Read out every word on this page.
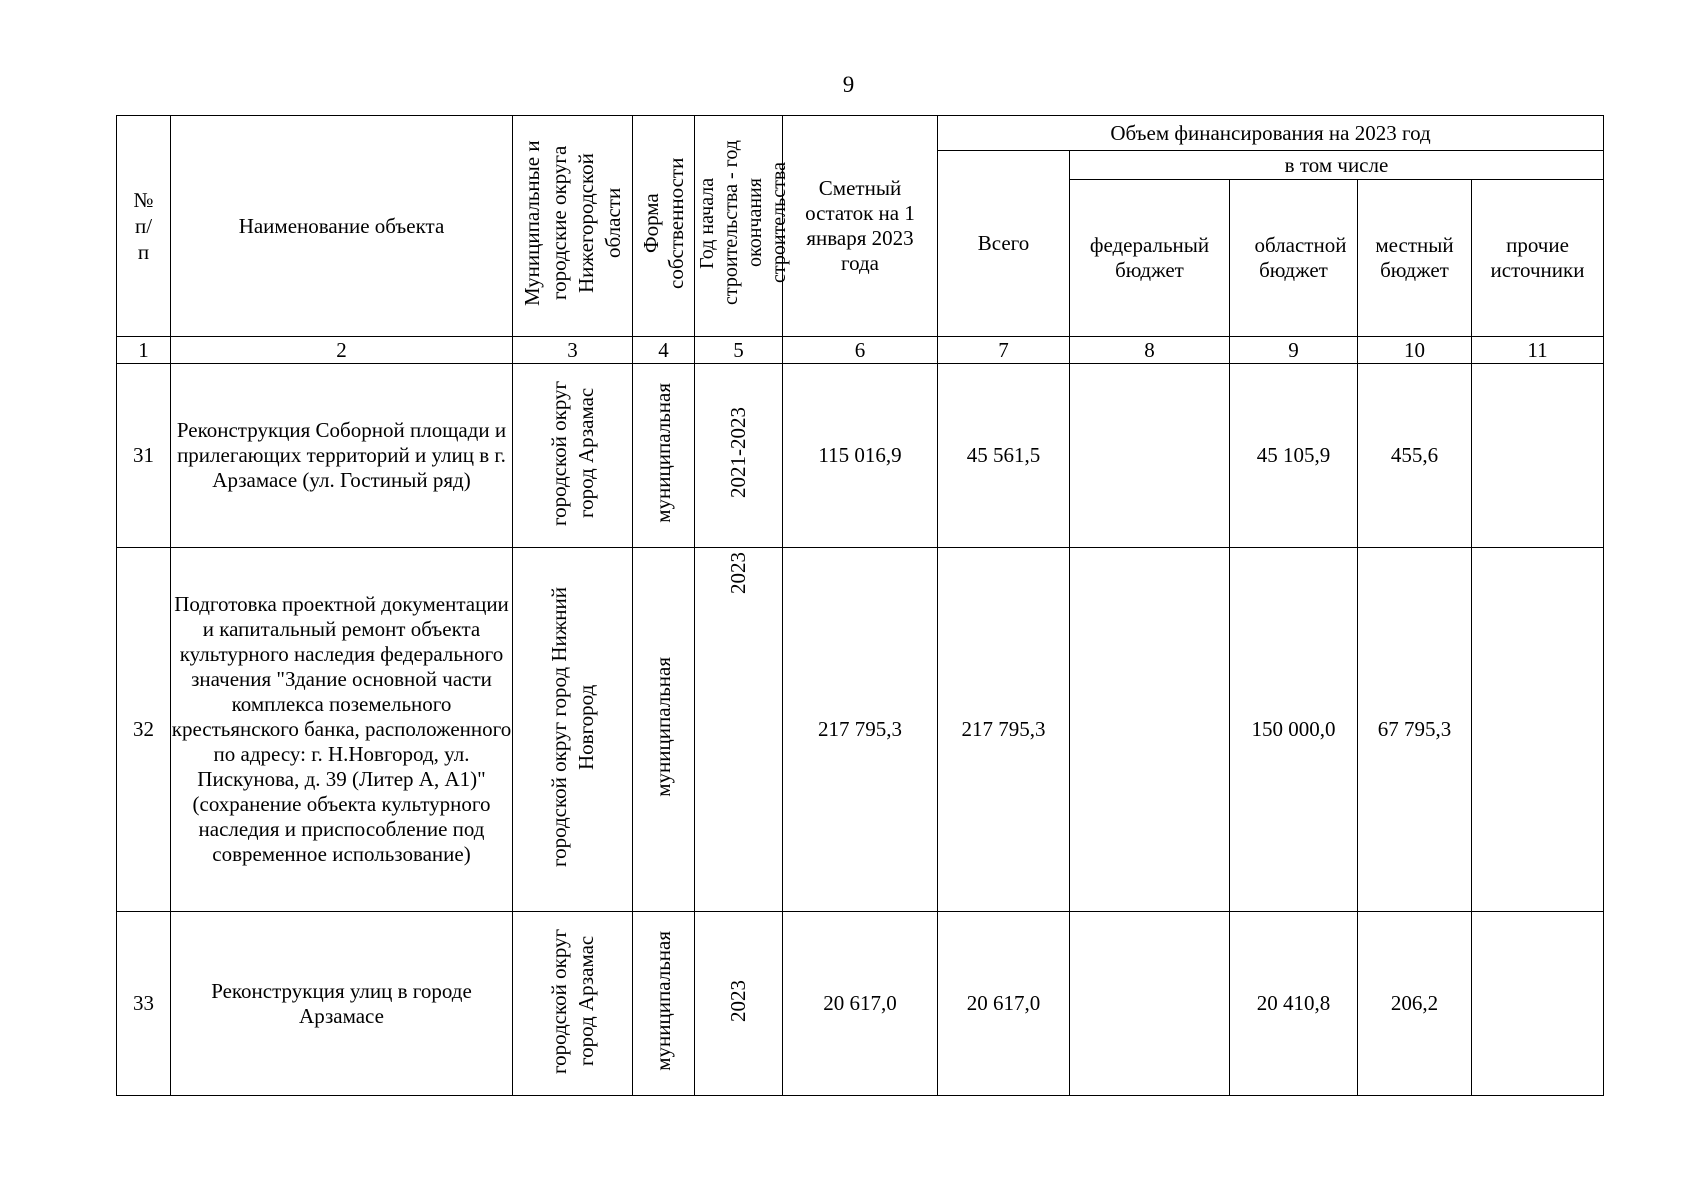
9
№ п/п	Наименование объекта	Муниципальные и городские округа Нижегородской области	Форма собственности	Год начала строительства - год окончания строительства	Сметный остаток на 1 января 2023 года	Объем финансирования на 2023 год				
						Всего	в том числе			

							федеральный бюджет	областной бюджет	местный бюджет	прочие источники

1	2	3	4	5	6	7	8	9	10	11
31	Реконструкция Соборной площади и прилегающих территорий и улиц в г. Арзамасе (ул. Гостиный ряд)	городской округ город Арзамас	муниципальная	2021-2023	115 016,9	45 561,5		45 105,9	455,6	
32	Подготовка проектной документации и капитальный ремонт объекта культурного наследия федерального значения "Здание основной части комплекса поземельного крестьянского банка, расположенного по адресу: г. Н.Новгород, ул. Пискунова, д. 39 (Литер А, А1)" (сохранение объекта культурного наследия и приспособление под современное использование)	городской округ город Нижний Новгород	муниципальная	2023	217 795,3	217 795,3		150 000,0	67 795,3	
33	Реконструкция улиц в городе Арзамасе	городской округ город Арзамас	муниципальная	2023	20 617,0	20 617,0		20 410,8	206,2	
